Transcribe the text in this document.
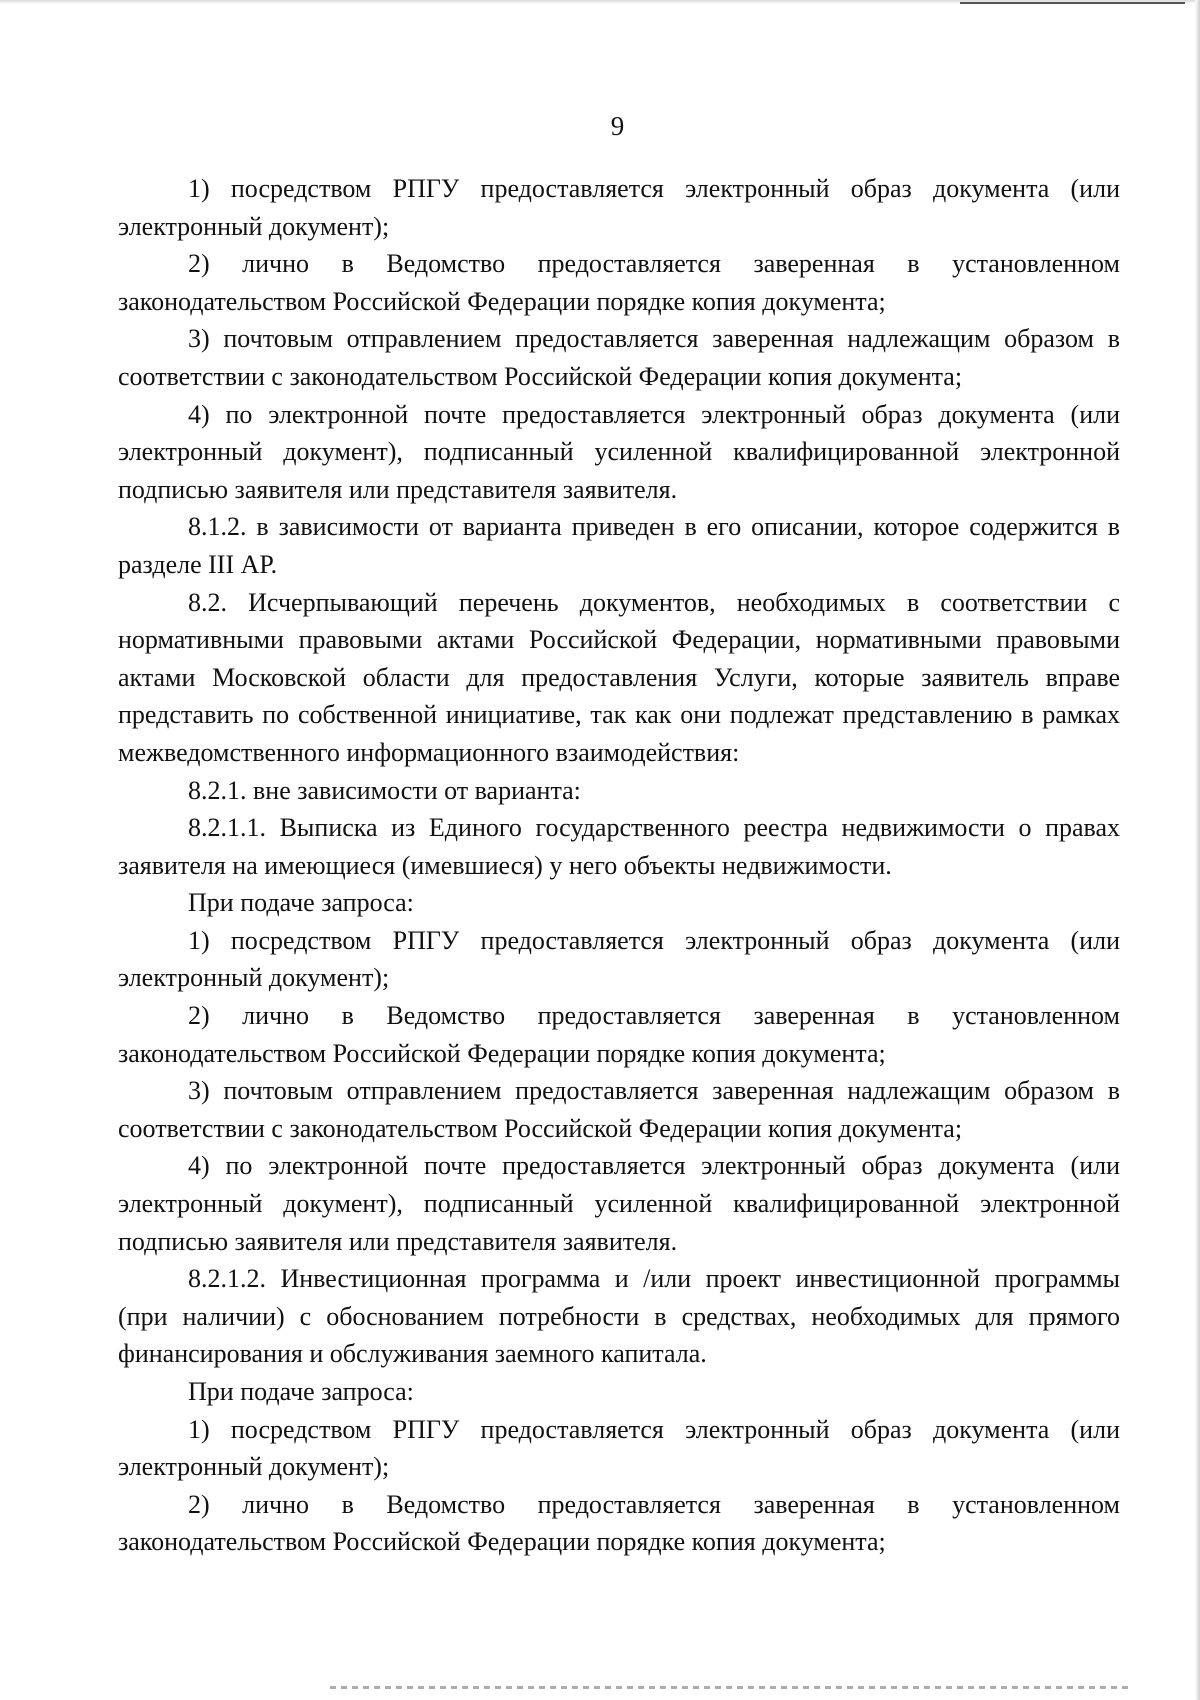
9

1) посредством РПГУ предоставляется электронный образ документа (или электронный документ);

2) лично в Ведомство предоставляется заверенная в установленном законодательством Российской Федерации порядке копия документа;

3) почтовым отправлением предоставляется заверенная надлежащим образом в соответствии с законодательством Российской Федерации копия документа;

4) по электронной почте предоставляется электронный образ документа (или электронный документ), подписанный усиленной квалифицированной электронной подписью заявителя или представителя заявителя.

8.1.2. в зависимости от варианта приведен в его описании, которое содержится в разделе III АР.

8.2. Исчерпывающий перечень документов, необходимых в соответствии с нормативными правовыми актами Российской Федерации, нормативными правовыми актами Московской области для предоставления Услуги, которые заявитель вправе представить по собственной инициативе, так как они подлежат представлению в рамках межведомственного информационного взаимодействия:

8.2.1. вне зависимости от варианта:

8.2.1.1. Выписка из Единого государственного реестра недвижимости о правах заявителя на имеющиеся (имевшиеся) у него объекты недвижимости.

При подаче запроса:

1) посредством РПГУ предоставляется электронный образ документа (или электронный документ);

2) лично в Ведомство предоставляется заверенная в установленном законодательством Российской Федерации порядке копия документа;

3) почтовым отправлением предоставляется заверенная надлежащим образом в соответствии с законодательством Российской Федерации копия документа;

4) по электронной почте предоставляется электронный образ документа (или электронный документ), подписанный усиленной квалифицированной электронной подписью заявителя или представителя заявителя.

8.2.1.2. Инвестиционная программа и /или проект инвестиционной программы (при наличии) с обоснованием потребности в средствах, необходимых для прямого финансирования и обслуживания заемного капитала.

При подаче запроса:

1) посредством РПГУ предоставляется электронный образ документа (или электронный документ);

2) лично в Ведомство предоставляется заверенная в установленном законодательством Российской Федерации порядке копия документа;
